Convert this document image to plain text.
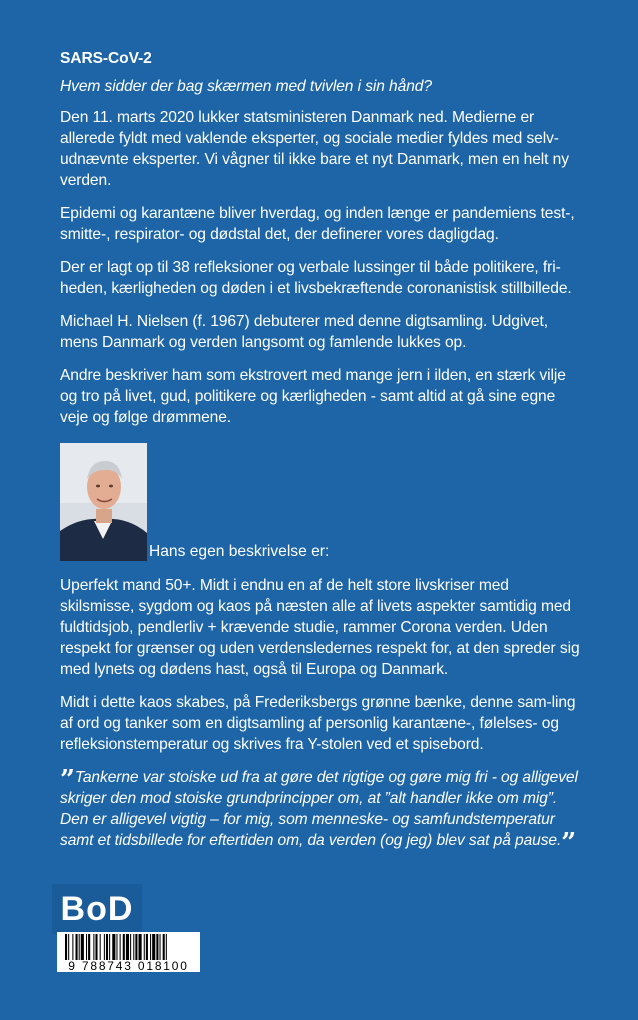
SARS-CoV-2

Hvem sidder der bag skærmen med tvivlen i sin hånd?

Den 11. marts 2020 lukker statsministeren Danmark ned. Medierne er allerede fyldt med vaklende eksperter, og sociale medier fyldes med selv-udnævnte eksperter. Vi vågner til ikke bare et nyt Danmark, men en helt ny verden.

Epidemi og karantæne bliver hverdag, og inden længe er pandemiens test-, smitte-, respirator- og dødstal det, der definerer vores dagligdag.

Der er lagt op til 38 refleksioner og verbale lussinger til både politikere, fri-heden, kærligheden og døden i et livsbekræftende coronanistisk stillbillede.

Michael H. Nielsen (f. 1967) debuterer med denne digtsamling. Udgivet, mens Danmark og verden langsomt og famlende lukkes op.

Andre beskriver ham som ekstrovert med mange jern i ilden, en stærk vilje og tro på livet, gud, politikere og kærligheden - samt altid at gå sine egne veje og følge drømmene.

Hans egen beskrivelse er:

Uperfekt mand 50+. Midt i endnu en af de helt store livskriser med skilsmisse, sygdom og kaos på næsten alle af livets aspekter samtidig med fuldtidsjob, pendlerliv + krævende studie, rammer Corona verden. Uden respekt for grænser og uden verdensledernes respekt for, at den spreder sig med lynets og dødens hast, også til Europa og Danmark.

Midt i dette kaos skabes, på Frederiksbergs grønne bænke, denne sam-ling af ord og tanker som en digtsamling af personlig karantæne-, følelses- og refleksionstemperatur og skrives fra Y-stolen ved et spisebord.

”Tankerne var stoiske ud fra at gøre det rigtige og gøre mig fri - og alligevel skriger den mod stoiske grundprincipper om, at ”alt handler ikke om mig”. Den er alligevel vigtig – for mig, som menneske- og samfundstemperatur samt et tidsbillede for eftertiden om, da verden (og jeg) blev sat på pause.”

BoD
9 788743 018100
